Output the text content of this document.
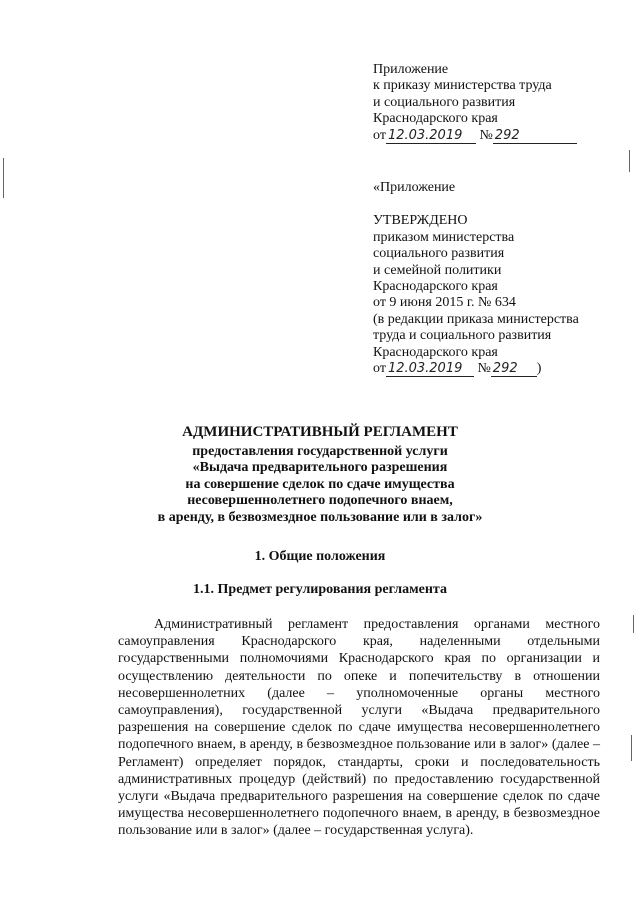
Приложение
к приказу министерства труда
и социального развития
Краснодарского края
от 12.03.2019 № 292
«Приложение
УТВЕРЖДЕНО
приказом министерства
социального развития
и семейной политики
Краснодарского края
от 9 июня 2015 г. № 634
(в редакции приказа министерства
труда и социального развития
Краснодарского края
от 12.03.2019 № 292 )
АДМИНИСТРАТИВНЫЙ РЕГЛАМЕНТ
предоставления государственной услуги
«Выдача предварительного разрешения
на совершение сделок по сдаче имущества
несовершеннолетнего подопечного внаем,
в аренду, в безвозмездное пользование или в залог»
1. Общие положения
1.1. Предмет регулирования регламента
Административный регламент предоставления органами местного самоуправления Краснодарского края, наделенными отдельными государственными полномочиями Краснодарского края по организации и осуществлению деятельности по опеке и попечительству в отношении несовершеннолетних (далее – уполномоченные органы местного самоуправления), государственной услуги «Выдача предварительного разрешения на совершение сделок по сдаче имущества несовершеннолетнего подопечного внаем, в аренду, в безвозмездное пользование или в залог» (далее – Регламент) определяет порядок, стандарты, сроки и последовательность административных процедур (действий) по предоставлению государственной услуги «Выдача предварительного разрешения на совершение сделок по сдаче имущества несовершеннолетнего подопечного внаем, в аренду, в безвозмездное пользование или в залог» (далее – государственная услуга).
